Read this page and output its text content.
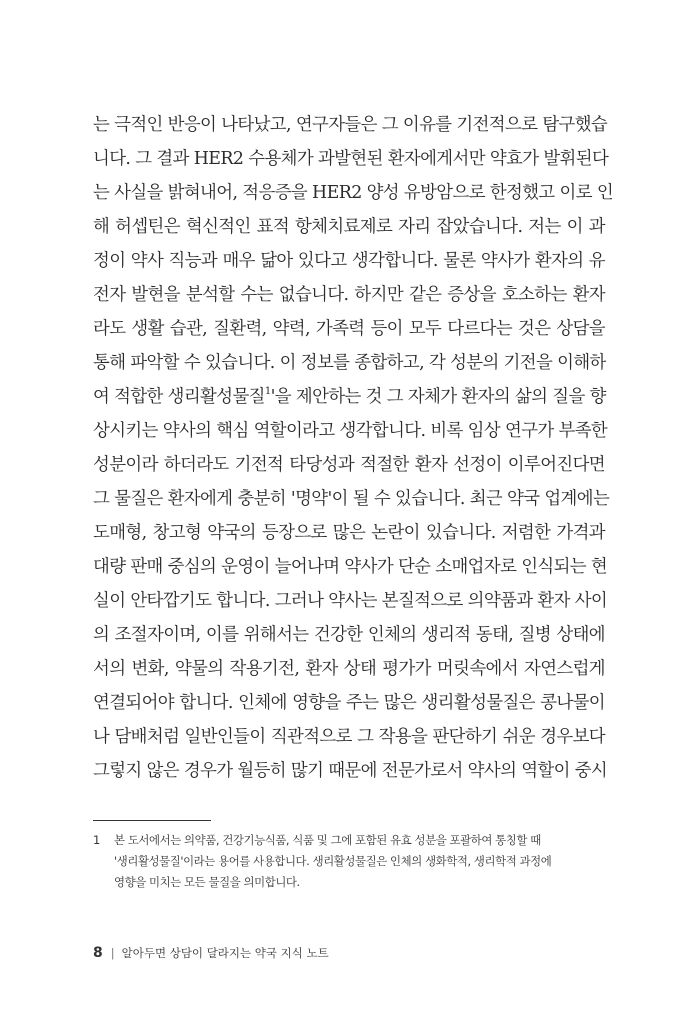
는 극적인 반응이 나타났고, 연구자들은 그 이유를 기전적으로 탐구했습
니다. 그 결과 HER2 수용체가 과발현된 환자에게서만 약효가 발휘된다
는 사실을 밝혀내어, 적응증을 HER2 양성 유방암으로 한정했고 이로 인
해 허셉틴은 혁신적인 표적 항체치료제로 자리 잡았습니다. 저는 이 과
정이 약사 직능과 매우 닮아 있다고 생각합니다. 물론 약사가 환자의 유
전자 발현을 분석할 수는 없습니다. 하지만 같은 증상을 호소하는 환자
라도 생활 습관, 질환력, 약력, 가족력 등이 모두 다르다는 것은 상담을
통해 파악할 수 있습니다. 이 정보를 종합하고, 각 성분의 기전을 이해하
여 적합한 생리활성물질$^1$'을 제안하는 것 그 자체가 환자의 삶의 질을 향
상시키는 약사의 핵심 역할이라고 생각합니다. 비록 임상 연구가 부족한
성분이라 하더라도 기전적 타당성과 적절한 환자 선정이 이루어진다면
그 물질은 환자에게 충분히 '명약'이 될 수 있습니다. 최근 약국 업계에는
도매형, 창고형 약국의 등장으로 많은 논란이 있습니다. 저렴한 가격과
대량 판매 중심의 운영이 늘어나며 약사가 단순 소매업자로 인식되는 현
실이 안타깝기도 합니다. 그러나 약사는 본질적으로 의약품과 환자 사이
의 조절자이며, 이를 위해서는 건강한 인체의 생리적 동태, 질병 상태에
서의 변화, 약물의 작용기전, 환자 상태 평가가 머릿속에서 자연스럽게
연결되어야 합니다. 인체에 영향을 주는 많은 생리활성물질은 콩나물이
나 담배처럼 일반인들이 직관적으로 그 작용을 판단하기 쉬운 경우보다
그렇지 않은 경우가 월등히 많기 때문에 전문가로서 약사의 역할이 중시
1 본 도서에서는 의약품, 건강기능식품, 식품 및 그에 포함된 유효 성분을 포괄하여 통칭할 때
'생리활성물질'이라는 용어를 사용합니다. 생리활성물질은 인체의 생화학적, 생리학적 과정에
영향을 미치는 모든 물질을 의미합니다.
8 | 알아두면 상담이 달라지는 약국 지식 노트
